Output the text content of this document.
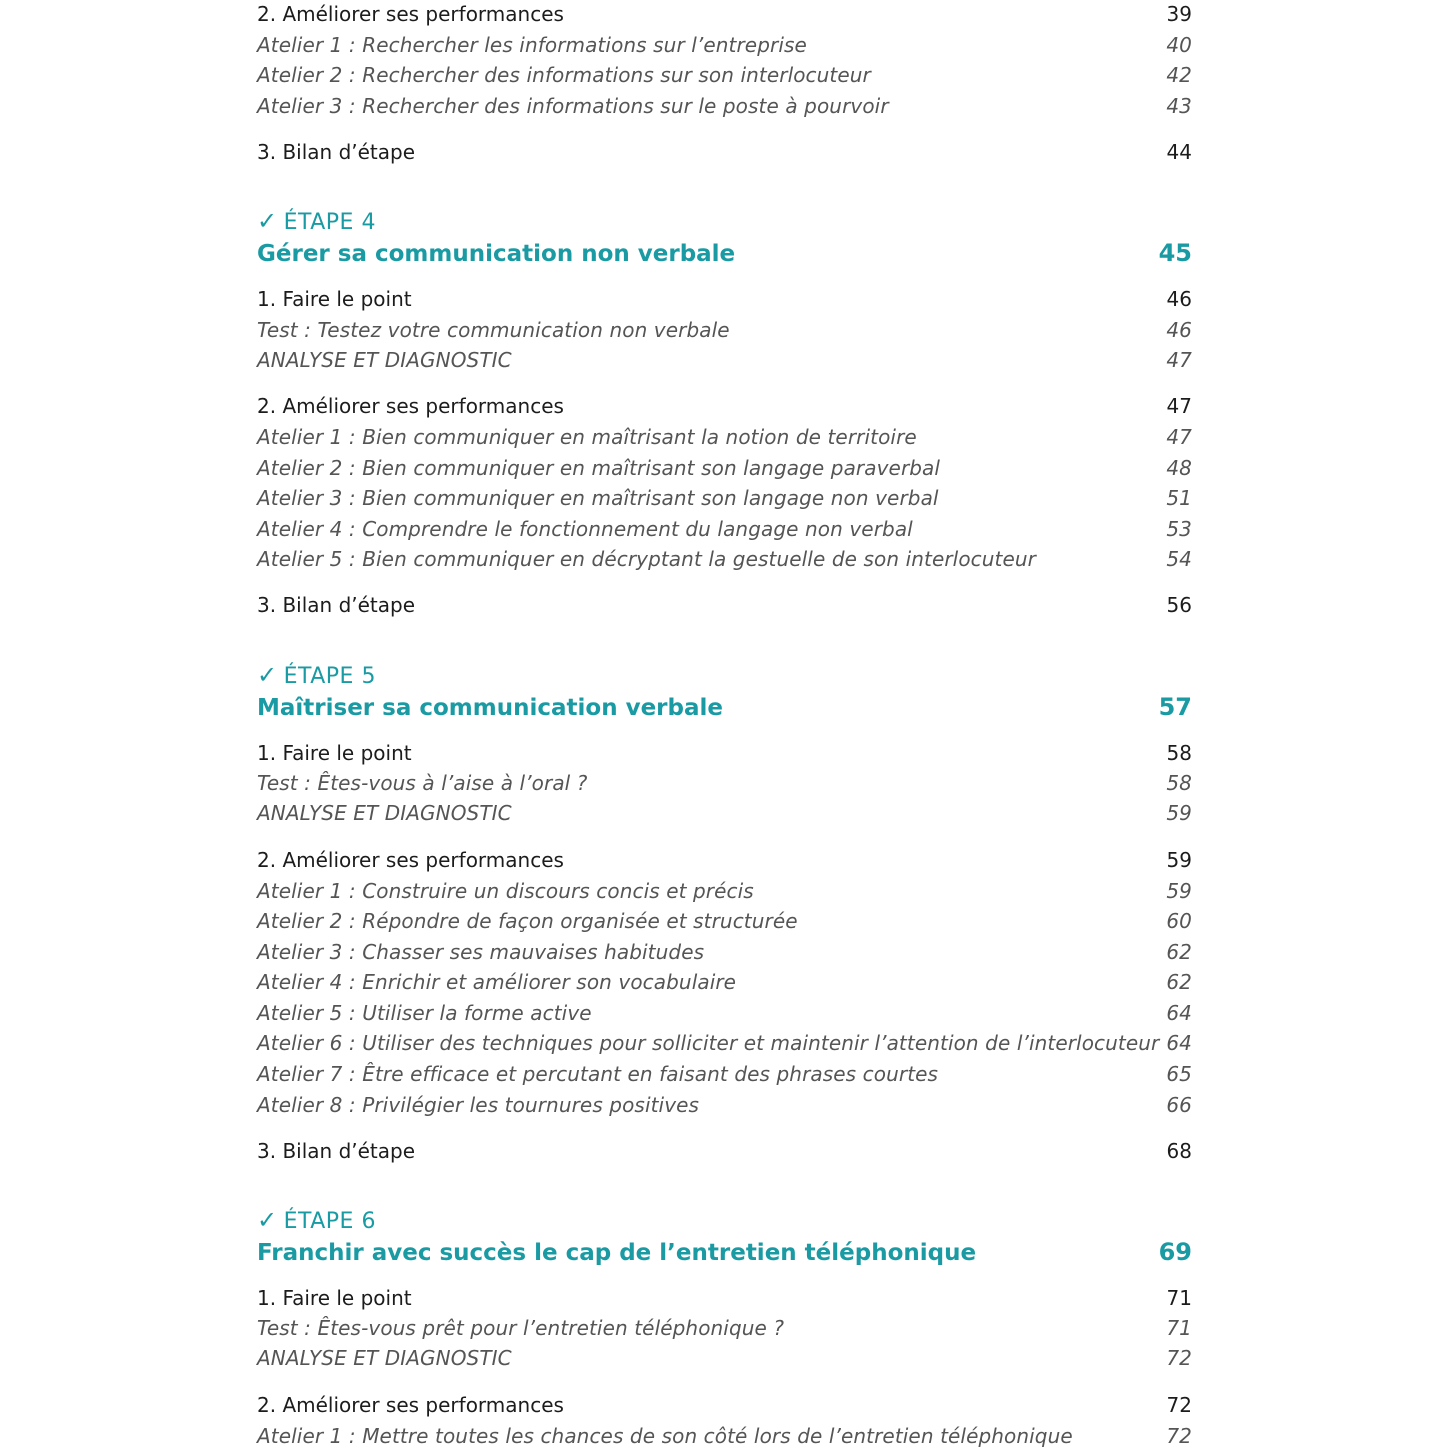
2. Améliorer ses performances	39
Atelier 1 : Rechercher les informations sur l’entreprise	40
Atelier 2 : Rechercher des informations sur son interlocuteur	42
Atelier 3 : Rechercher des informations sur le poste à pourvoir	43
3. Bilan d’étape	44
✓ ÉTAPE 4
Gérer sa communication non verbale	45
1. Faire le point	46
Test : Testez votre communication non verbale	46
ANALYSE ET DIAGNOSTIC	47
2. Améliorer ses performances	47
Atelier 1 : Bien communiquer en maîtrisant la notion de territoire	47
Atelier 2 : Bien communiquer en maîtrisant son langage paraverbal	48
Atelier 3 : Bien communiquer en maîtrisant son langage non verbal	51
Atelier 4 : Comprendre le fonctionnement du langage non verbal	53
Atelier 5 : Bien communiquer en décryptant la gestuelle de son interlocuteur	54
3. Bilan d’étape	56
✓ ÉTAPE 5
Maîtriser sa communication verbale	57
1. Faire le point	58
Test : Êtes-vous à l’aise à l’oral ?	58
ANALYSE ET DIAGNOSTIC	59
2. Améliorer ses performances	59
Atelier 1 : Construire un discours concis et précis	59
Atelier 2 : Répondre de façon organisée et structurée	60
Atelier 3 : Chasser ses mauvaises habitudes	62
Atelier 4 : Enrichir et améliorer son vocabulaire	62
Atelier 5 : Utiliser la forme active	64
Atelier 6 : Utiliser des techniques pour solliciter et maintenir l’attention de l’interlocuteur 64
Atelier 7 : Être efficace et percutant en faisant des phrases courtes	65
Atelier 8 : Privilégier les tournures positives	66
3. Bilan d’étape	68
✓ ÉTAPE 6
Franchir avec succès le cap de l’entretien téléphonique	69
1. Faire le point	71
Test : Êtes-vous prêt pour l’entretien téléphonique ?	71
ANALYSE ET DIAGNOSTIC	72
2. Améliorer ses performances	72
Atelier 1 : Mettre toutes les chances de son côté lors de l’entretien téléphonique	72
